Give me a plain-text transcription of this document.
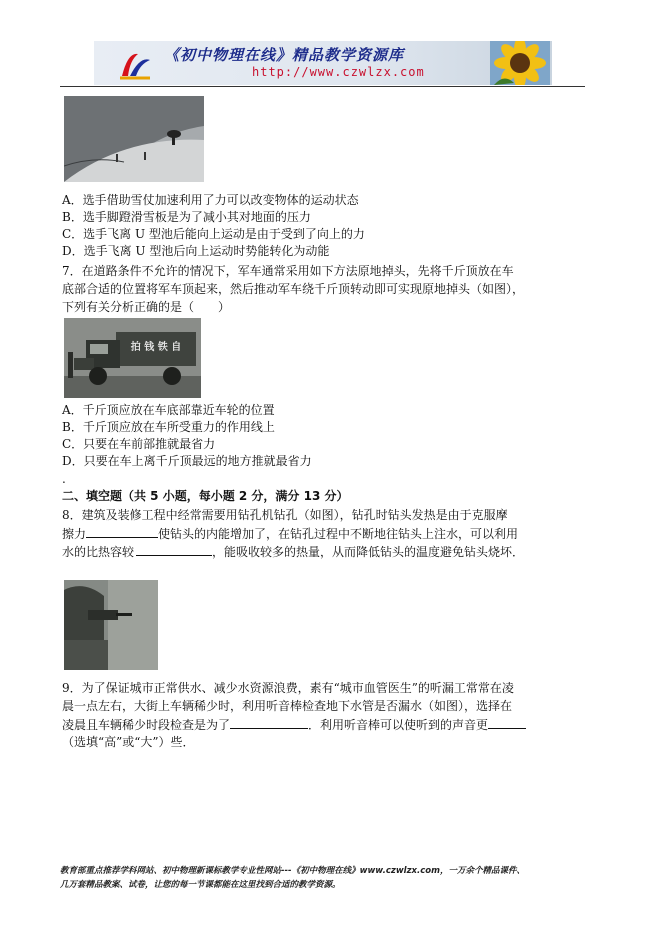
《初中物理在线》精品教学资源库
http://www.czwlzx.com
A．选手借助雪仗加速利用了力可以改变物体的运动状态
B．选手脚蹬滑雪板是为了减小其对地面的压力
C．选手飞离 U 型池后能向上运动是由于受到了向上的力
D．选手飞离 U 型池后向上运动时势能转化为动能
7．在道路条件不允许的情况下，军车通常采用如下方法原地掉头，先将千斤顶放在车
底部合适的位置将军车顶起来，然后推动军车绕千斤顶转动即可实现原地掉头（如图），
下列有关分析正确的是（　　）
拍 钱 铁 自
A．千斤顶应放在车底部靠近车轮的位置
B．千斤顶应放在车所受重力的作用线上
C．只要在车前部推就最省力
D．只要在车上离千斤顶最远的地方推就最省力
.
二、填空题（共 5 小题，每小题 2 分，满分 13 分）
8．建筑及装修工程中经常需要用钻孔机钻孔（如图），钻孔时钻头发热是由于克服摩
擦力	使钻头的内能增加了，在钻孔过程中不断地往钻头上注水，可以利用
水的比热容较	，能吸收较多的热量，从而降低钻头的温度避免钻头烧坏．
9．为了保证城市正常供水、减少水资源浪费，素有“城市血管医生”的听漏工常常在凌
晨一点左右，大街上车辆稀少时，利用听音棒检查地下水管是否漏水（如图），选择在
凌晨且车辆稀少时段检查是为了	．利用听音棒可以使听到的声音更
（选填“高”或“大”）些．
教育部重点推荐学科网站、初中物理新课标教学专业性网站---《初中物理在线》www.czwlzx.com，一万余个精品课件、
几万套精品教案、试卷，让您的每一节课都能在这里找到合适的教学资源。
